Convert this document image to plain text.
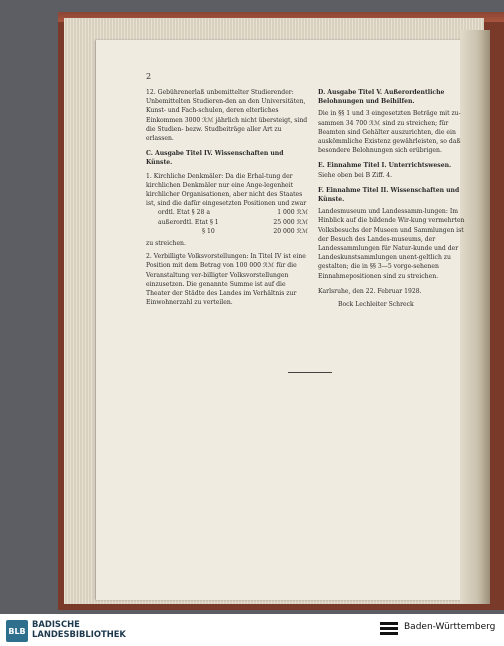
2

12. Gebührenerlaß unbemittelter Studierender: Unbemittelten Studieren-den an den Universitäten, Kunst- und Fach-schulen, deren elterliches Einkommen 3000 ℛℳ jährlich nicht übersteigt, sind die Studien- bezw. Studbeiträge aller Art zu erlassen.

C. Ausgabe Titel IV. Wissenschaften und Künste.

1. Kirchliche Denkmäler: Da die Erhal-tung der kirchlichen Denkmäler nur eine Ange-legenheit kirchlicher Organisationen, aber nicht des Staates ist, sind die dafür eingesetzten Positionen und zwar

ordtl. Etat § 28 a	1 000 ℛℳ
außerordtl. Etat § 1	25 000 ℛℳ
§ 10	20 000 ℛℳ

zu streichen.

2. Verbilligte Volksvorstellungen: In Titel IV ist eine Position mit dem Betrag von 100 000 ℛℳ für die Veranstaltung ver-billigter Volksvorstellungen einzusetzen. Die genannte Summe ist auf die Theater der Städte des Landes im Verhältnis zur Einwohnerzahl zu verteilen.

D. Ausgabe Titel V. Außerordentliche Belohnungen und Beihilfen.

Die in §§ 1 und 3 eingesetzten Beträge mit zu-sammen 34 700 ℛℳ sind zu streichen; für Beamten sind Gehälter auszurichten, die ein auskömmliche Existenz gewährleisten, so daß besondere Belohnungen sich erübrigen.

E. Einnahme Titel I. Unterrichtswesen.

Siehe oben bei B Ziff. 4.

F. Einnahme Titel II. Wissenschaften und Künste.

Landesmuseum und Landessamm-lungen: Im Hinblick auf die bildende Wir-kung vermehrten Volksbesuchs der Museen und Sammlungen ist der Besuch des Landes-museums, der Landessammlungen für Natur-kunde und der Landeskunstsammlungen unent-geltlich zu gestalten; die in §§ 3—5 vorge-sehenen Einnahmepositionen sind zu streichen.

Karlsruhe, den 22. Februar 1928.

Bock Lechleiter Schreck

BLB
BADISCHE
LANDESBIBLIOTHEK
Baden-Württemberg
